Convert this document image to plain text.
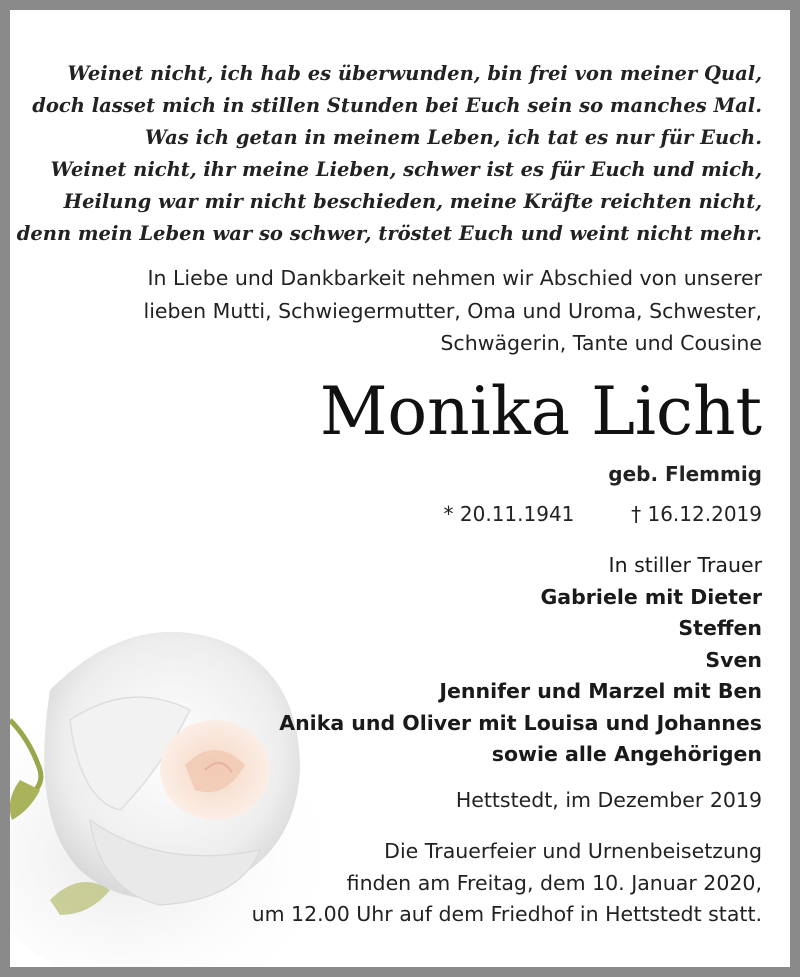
Weinet nicht, ich hab es überwunden, bin frei von meiner Qual,
doch lasset mich in stillen Stunden bei Euch sein so manches Mal.
Was ich getan in meinem Leben, ich tat es nur für Euch.
Weinet nicht, ihr meine Lieben, schwer ist es für Euch und mich,
Heilung war mir nicht beschieden, meine Kräfte reichten nicht,
denn mein Leben war so schwer, tröstet Euch und weint nicht mehr.
In Liebe und Dankbarkeit nehmen wir Abschied von unserer
lieben Mutti, Schwiegermutter, Oma und Uroma, Schwester,
Schwägerin, Tante und Cousine
Monika Licht
geb. Flemmig
* 20.11.1941	† 16.12.2019
In stiller Trauer
Gabriele mit Dieter
Steffen
Sven
Jennifer und Marzel mit Ben
Anika und Oliver mit Louisa und Johannes
sowie alle Angehörigen
Hettstedt, im Dezember 2019
Die Trauerfeier und Urnenbeisetzung
finden am Freitag, dem 10. Januar 2020,
um 12.00 Uhr auf dem Friedhof in Hettstedt statt.
